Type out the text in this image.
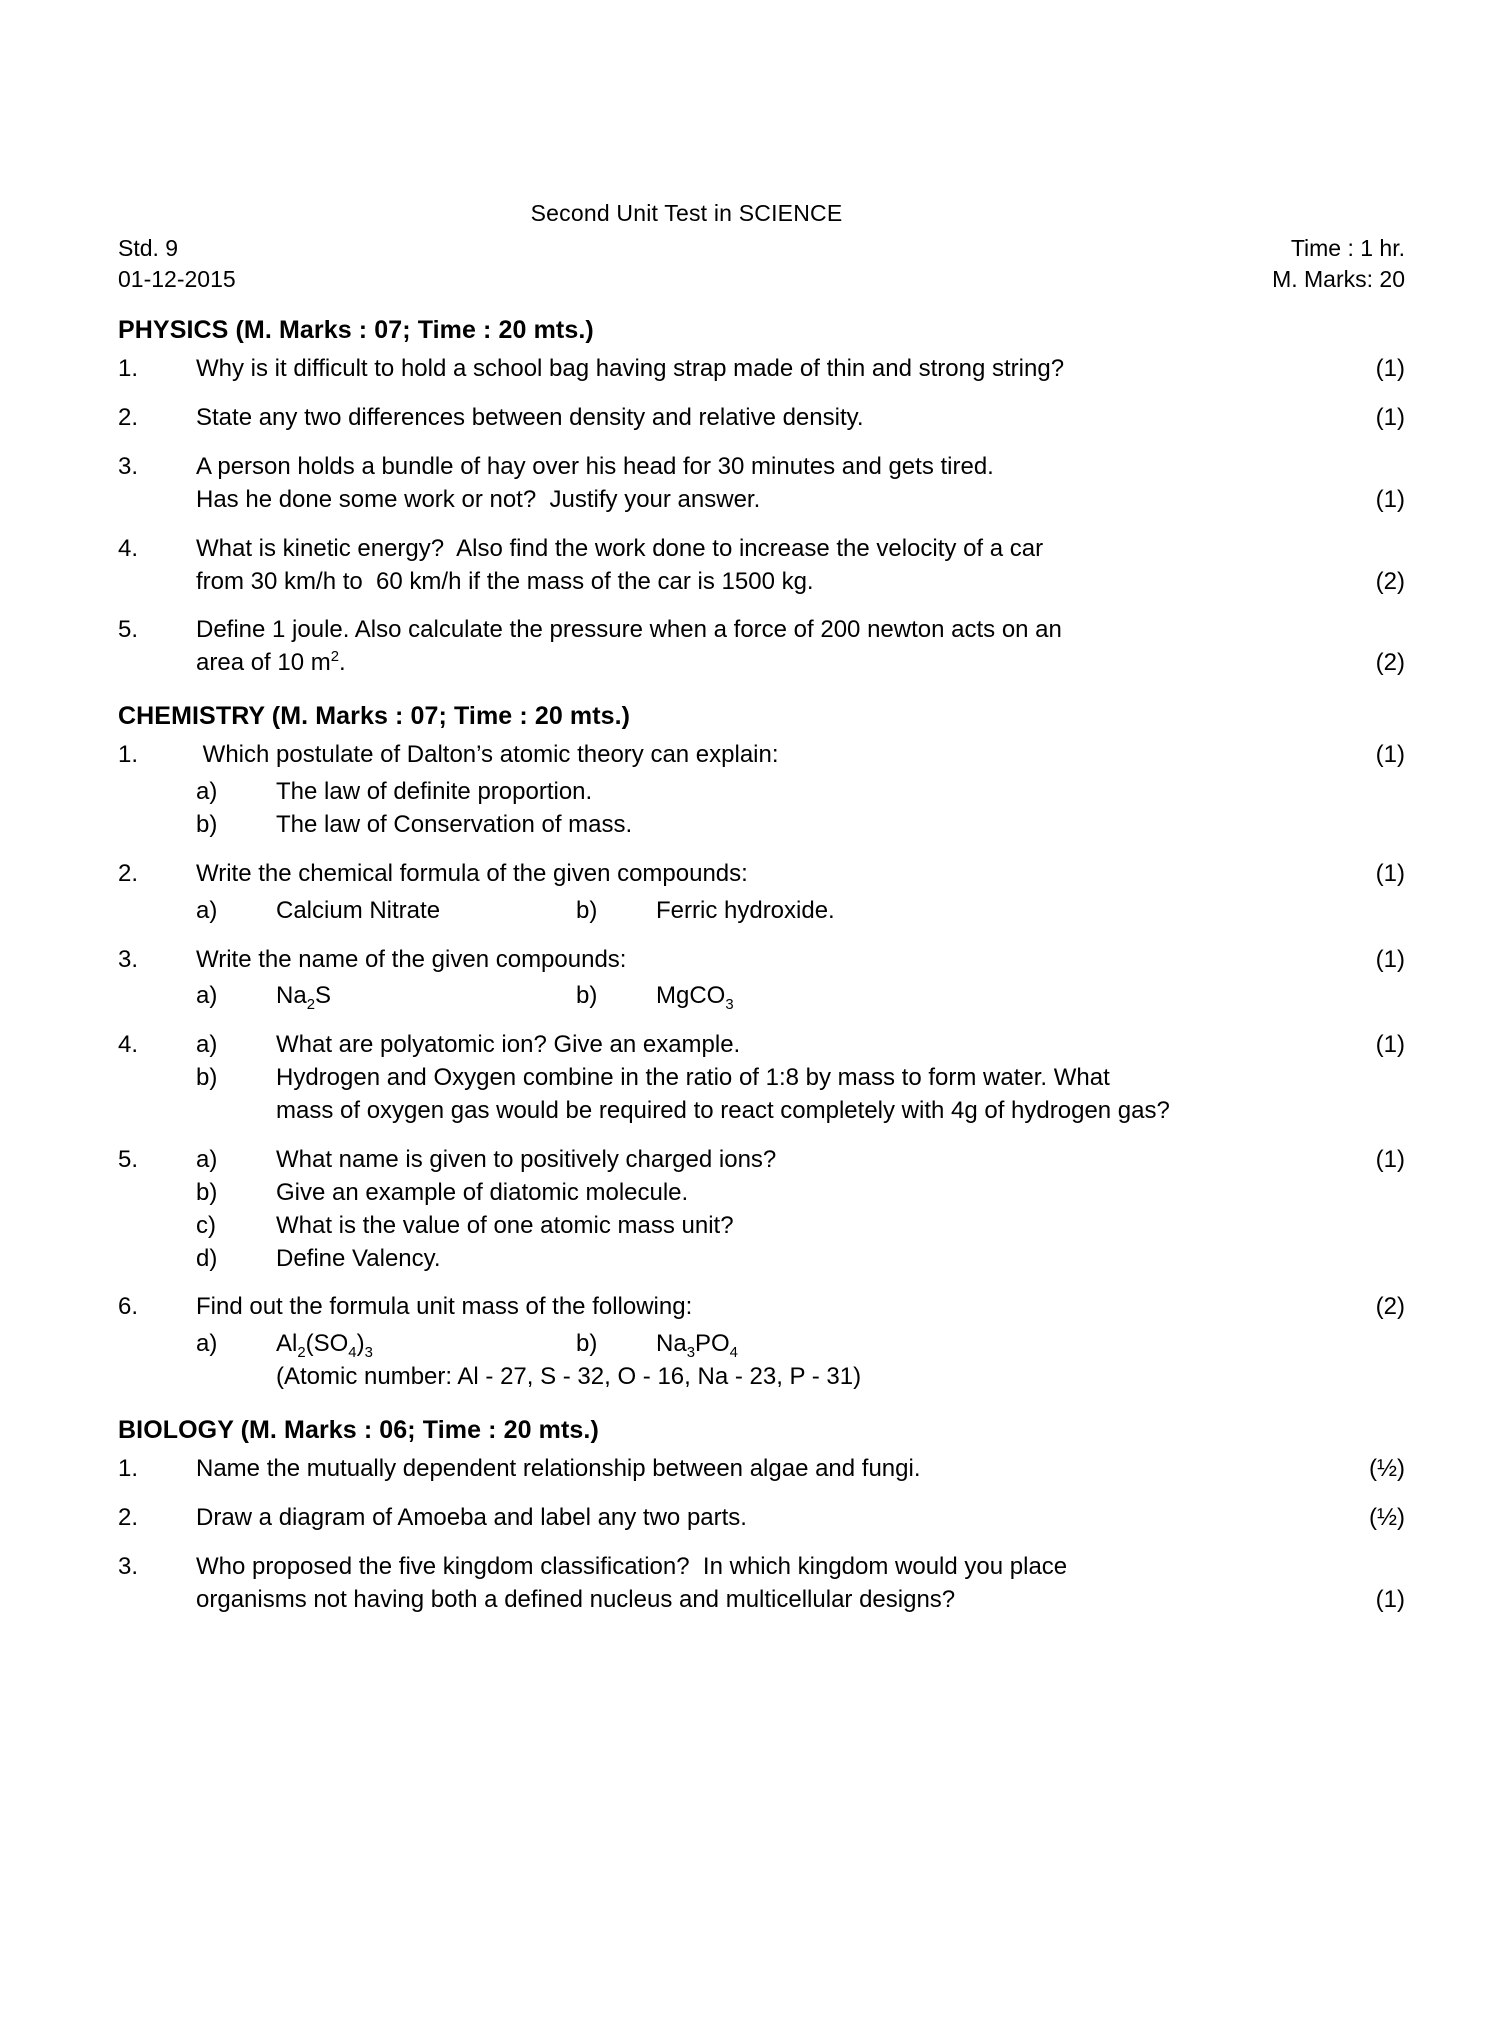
Second Unit Test in SCIENCE
Std. 9
01-12-2015
Time : 1 hr.
M. Marks: 20
PHYSICS (M. Marks : 07; Time : 20 mts.)
1.	Why is it difficult to hold a school bag having strap made of thin and strong string?	(1)
2.	State any two differences between density and relative density.	(1)
3.	A person holds a bundle of hay over his head for 30 minutes and gets tired.
Has he done some work or not?  Justify your answer.	(1)
4.	What is kinetic energy?  Also find the work done to increase the velocity of a car
from 30 km/h to  60 km/h if the mass of the car is 1500 kg.	(2)
5.	Define 1 joule. Also calculate the pressure when a force of 200 newton acts on an
area of 10 $m^2$.	(2)
CHEMISTRY (M. Marks : 07; Time : 20 mts.)
1.	Which postulate of Dalton’s atomic theory can explain:
a)	The law of definite proportion.
b)	The law of Conservation of mass.
(1)
2.	Write the chemical formula of the given compounds:
a)	Calcium Nitrate	b)	Ferric hydroxide.
(1)
3.	Write the name of the given compounds:
a)	$Na_2S$	b)	MgCO$_3$
(1)
4.	a)	What are polyatomic ion? Give an example.
b)	Hydrogen and Oxygen combine in the ratio of 1:8 by mass to form water. What
mass of oxygen gas would be required to react completely with 4g of hydrogen gas?
(1)
5.	a)	What name is given to positively charged ions?
b)	Give an example of diatomic molecule.
c)	What is the value of one atomic mass unit?
d)	Define Valency.
(1)
6.	Find out the formula unit mass of the following:
a)	$Al_2(SO_4)_3$	b)	$Na_3PO_4$
(Atomic number: Al - 27, S - 32, O - 16, Na - 23, P - 31)
(2)
BIOLOGY (M. Marks : 06; Time : 20 mts.)
1.	Name the mutually dependent relationship between algae and fungi.	(½)
2.	Draw a diagram of Amoeba and label any two parts.	(½)
3.	Who proposed the five kingdom classification?  In which kingdom would you place
organisms not having both a defined nucleus and multicellular designs?	(1)
